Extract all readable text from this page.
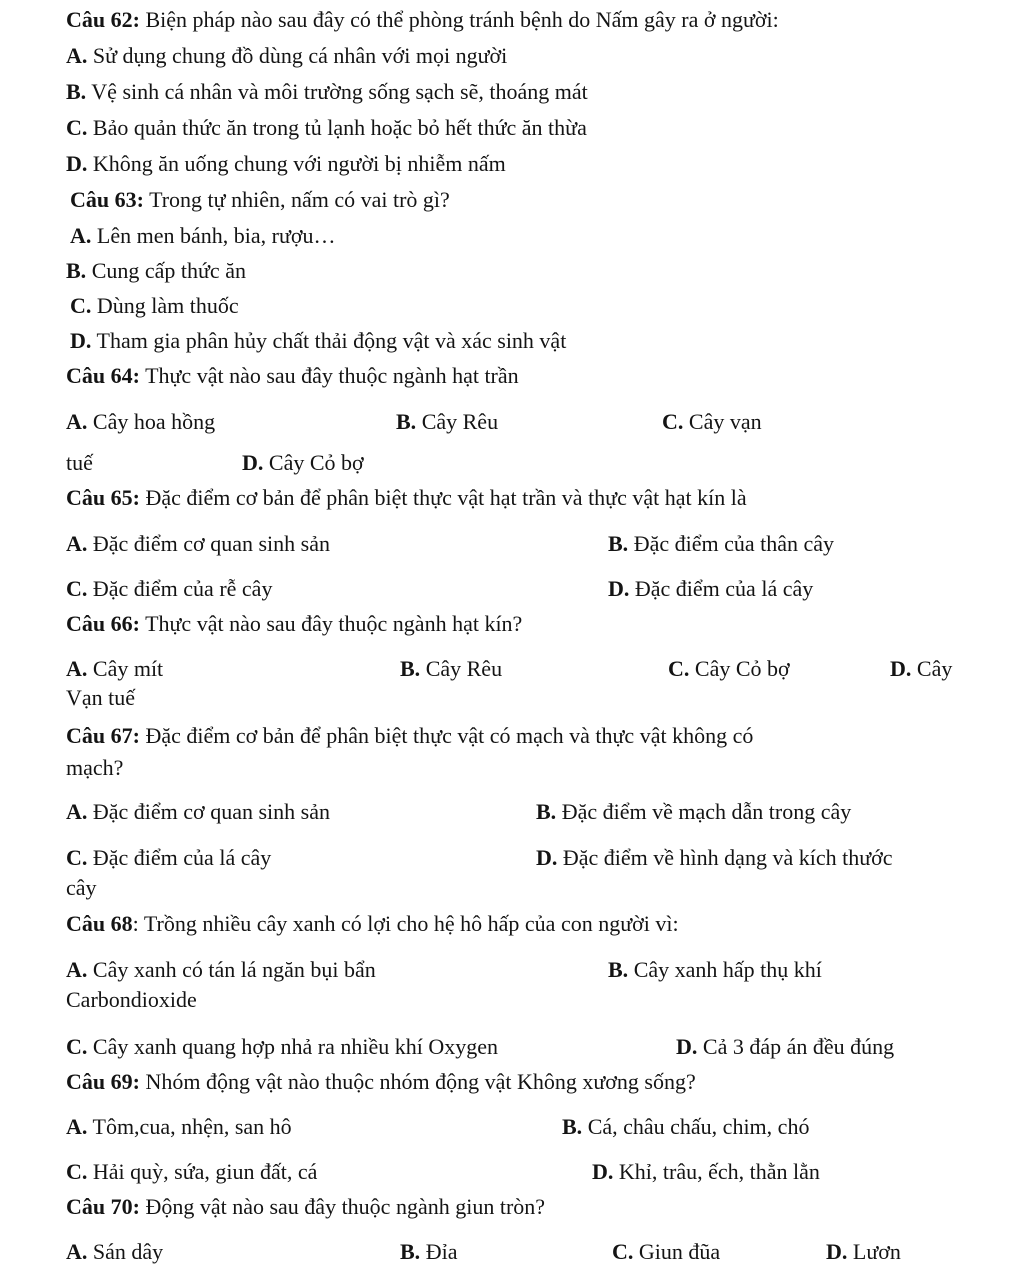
Câu 62: Biện pháp nào sau đây có thể phòng tránh bệnh do Nấm gây ra ở người:
A. Sử dụng chung đồ dùng cá nhân với mọi người
B. Vệ sinh cá nhân và môi trường sống sạch sẽ, thoáng mát
C. Bảo quản thức ăn trong tủ lạnh hoặc bỏ hết thức ăn thừa
D. Không ăn uống chung với người bị nhiễm nấm
Câu 63: Trong tự nhiên, nấm có vai trò gì?
A. Lên men bánh, bia, rượu…
B. Cung cấp thức ăn
C. Dùng làm thuốc
D. Tham gia phân hủy chất thải động vật và xác sinh vật
Câu 64: Thực vật nào sau đây thuộc ngành hạt trần
A. Cây hoa hồng	B. Cây Rêu	C. Cây vạn
tuế	D. Cây Cỏ bợ
Câu 65: Đặc điểm cơ bản để phân biệt thực vật hạt trần và thực vật hạt kín là
A. Đặc điểm cơ quan sinh sản	B. Đặc điểm của thân cây
C. Đặc điểm của rễ cây	D. Đặc điểm của lá cây
Câu 66: Thực vật nào sau đây thuộc ngành hạt kín?
A. Cây mít	B. Cây Rêu	C. Cây Cỏ bợ	D. Cây
Vạn tuế
Câu 67: Đặc điểm cơ bản để phân biệt thực vật có mạch và thực vật không có
mạch?
A. Đặc điểm cơ quan sinh sản	B. Đặc điểm về mạch dẫn trong cây
C. Đặc điểm của lá cây	D. Đặc điểm về hình dạng và kích thước
cây
Câu 68: Trồng nhiều cây xanh có lợi cho hệ hô hấp của con người vì:
A. Cây xanh có tán lá ngăn bụi bẩn	B. Cây xanh hấp thụ khí
Carbondioxide
C. Cây xanh quang hợp nhả ra nhiều khí Oxygen	D. Cả 3 đáp án đều đúng
Câu 69: Nhóm động vật nào thuộc nhóm động vật Không xương sống?
A. Tôm,cua, nhện, san hô	B. Cá, châu chấu, chim, chó
C. Hải quỳ, sứa, giun đất, cá	D. Khỉ, trâu, ếch, thằn lằn
Câu 70: Động vật nào sau đây thuộc ngành giun tròn?
A. Sán dây	B. Đỉa	C. Giun đũa	D. Lươn
